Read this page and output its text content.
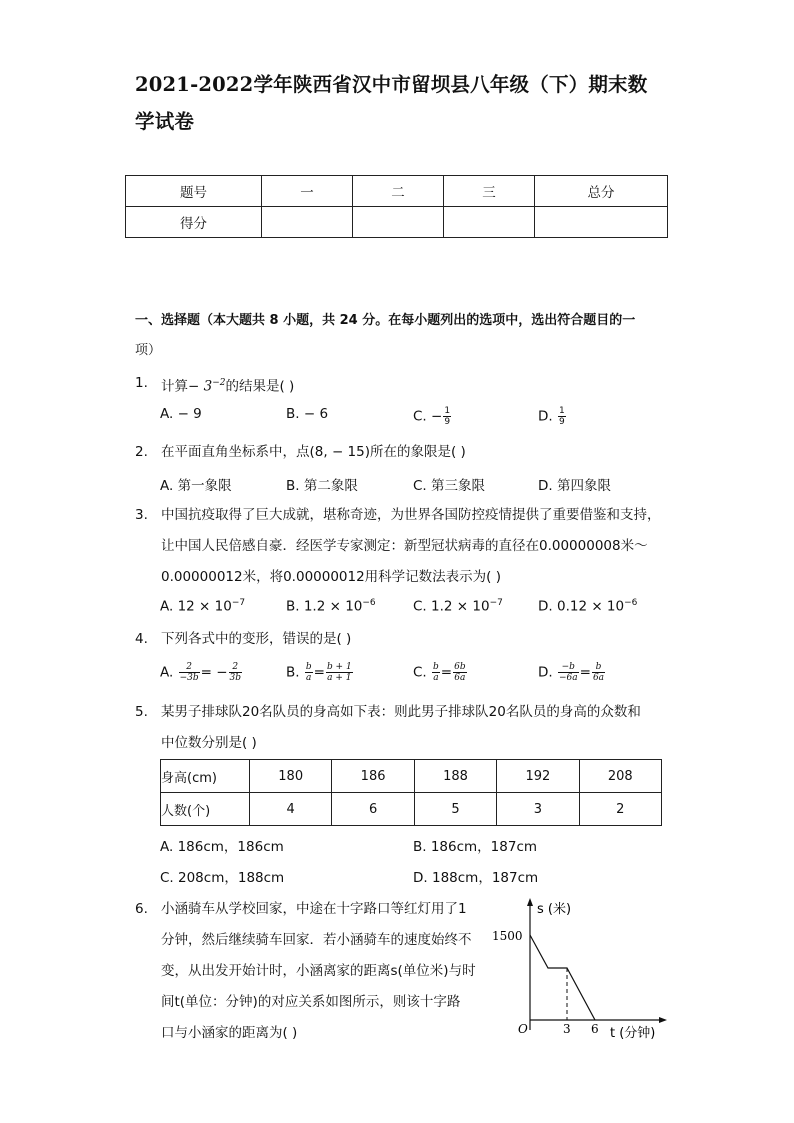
2021-2022学年陕西省汉中市留坝县八年级（下）期末数学试卷
题号	一	二	三	总分
得分				
一、选择题（本大题共 8 小题，共 24 分。在每小题列出的选项中，选出符合题目的一
项）
1. 计算− $3^{-2}$的结果是( )
A. − 9	B. − 6	C. − $\frac{1}{9}$	D. $\frac{1}{9}$
2. 在平面直角坐标系中，点(8, − 15)所在的象限是( )
A. 第一象限	B. 第二象限	C. 第三象限	D. 第四象限
3. 中国抗疫取得了巨大成就，堪称奇迹，为世界各国防控疫情提供了重要借鉴和支持，
让中国人民倍感自豪．经医学专家测定：新型冠状病毒的直径在0.00000008米～
0.00000012米，将0.00000012用科学记数法表示为( )
A. $12 \times 10^{-7}$	B. $1.2 \times 10^{-6}$	C. $1.2 \times 10^{-7}$	D. $0.12 \times 10^{-6}$
4. 下列各式中的变形，错误的是( )
A. $\frac{2}{-3b}$ = − $\frac{2}{3b}$	B. $\frac{b}{a} = \frac{b + 1}{a + 1}$	C. $\frac{b}{a} = \frac{6b}{6a}$	D. $\frac{-b}{-6a} = \frac{b}{6a}$
5. 某男子排球队20名队员的身高如下表：则此男子排球队20名队员的身高的众数和
中位数分别是( )
身高(cm)	180	186	188	192	208
人数(个)	4	6	5	3	2
A. 186cm，186cm	B. 186cm，187cm
C. 208cm，188cm	D. 188cm，187cm
6. 小涵骑车从学校回家，中途在十字路口等红灯用了1
分钟，然后继续骑车回家．若小涵骑车的速度始终不
变，从出发开始计时，小涵离家的距离s(单位米)与时
间t(单位：分钟)的对应关系如图所示，则该十字路
口与小涵家的距离为( )
s (米)
1500
O	3 6 t (分钟)
